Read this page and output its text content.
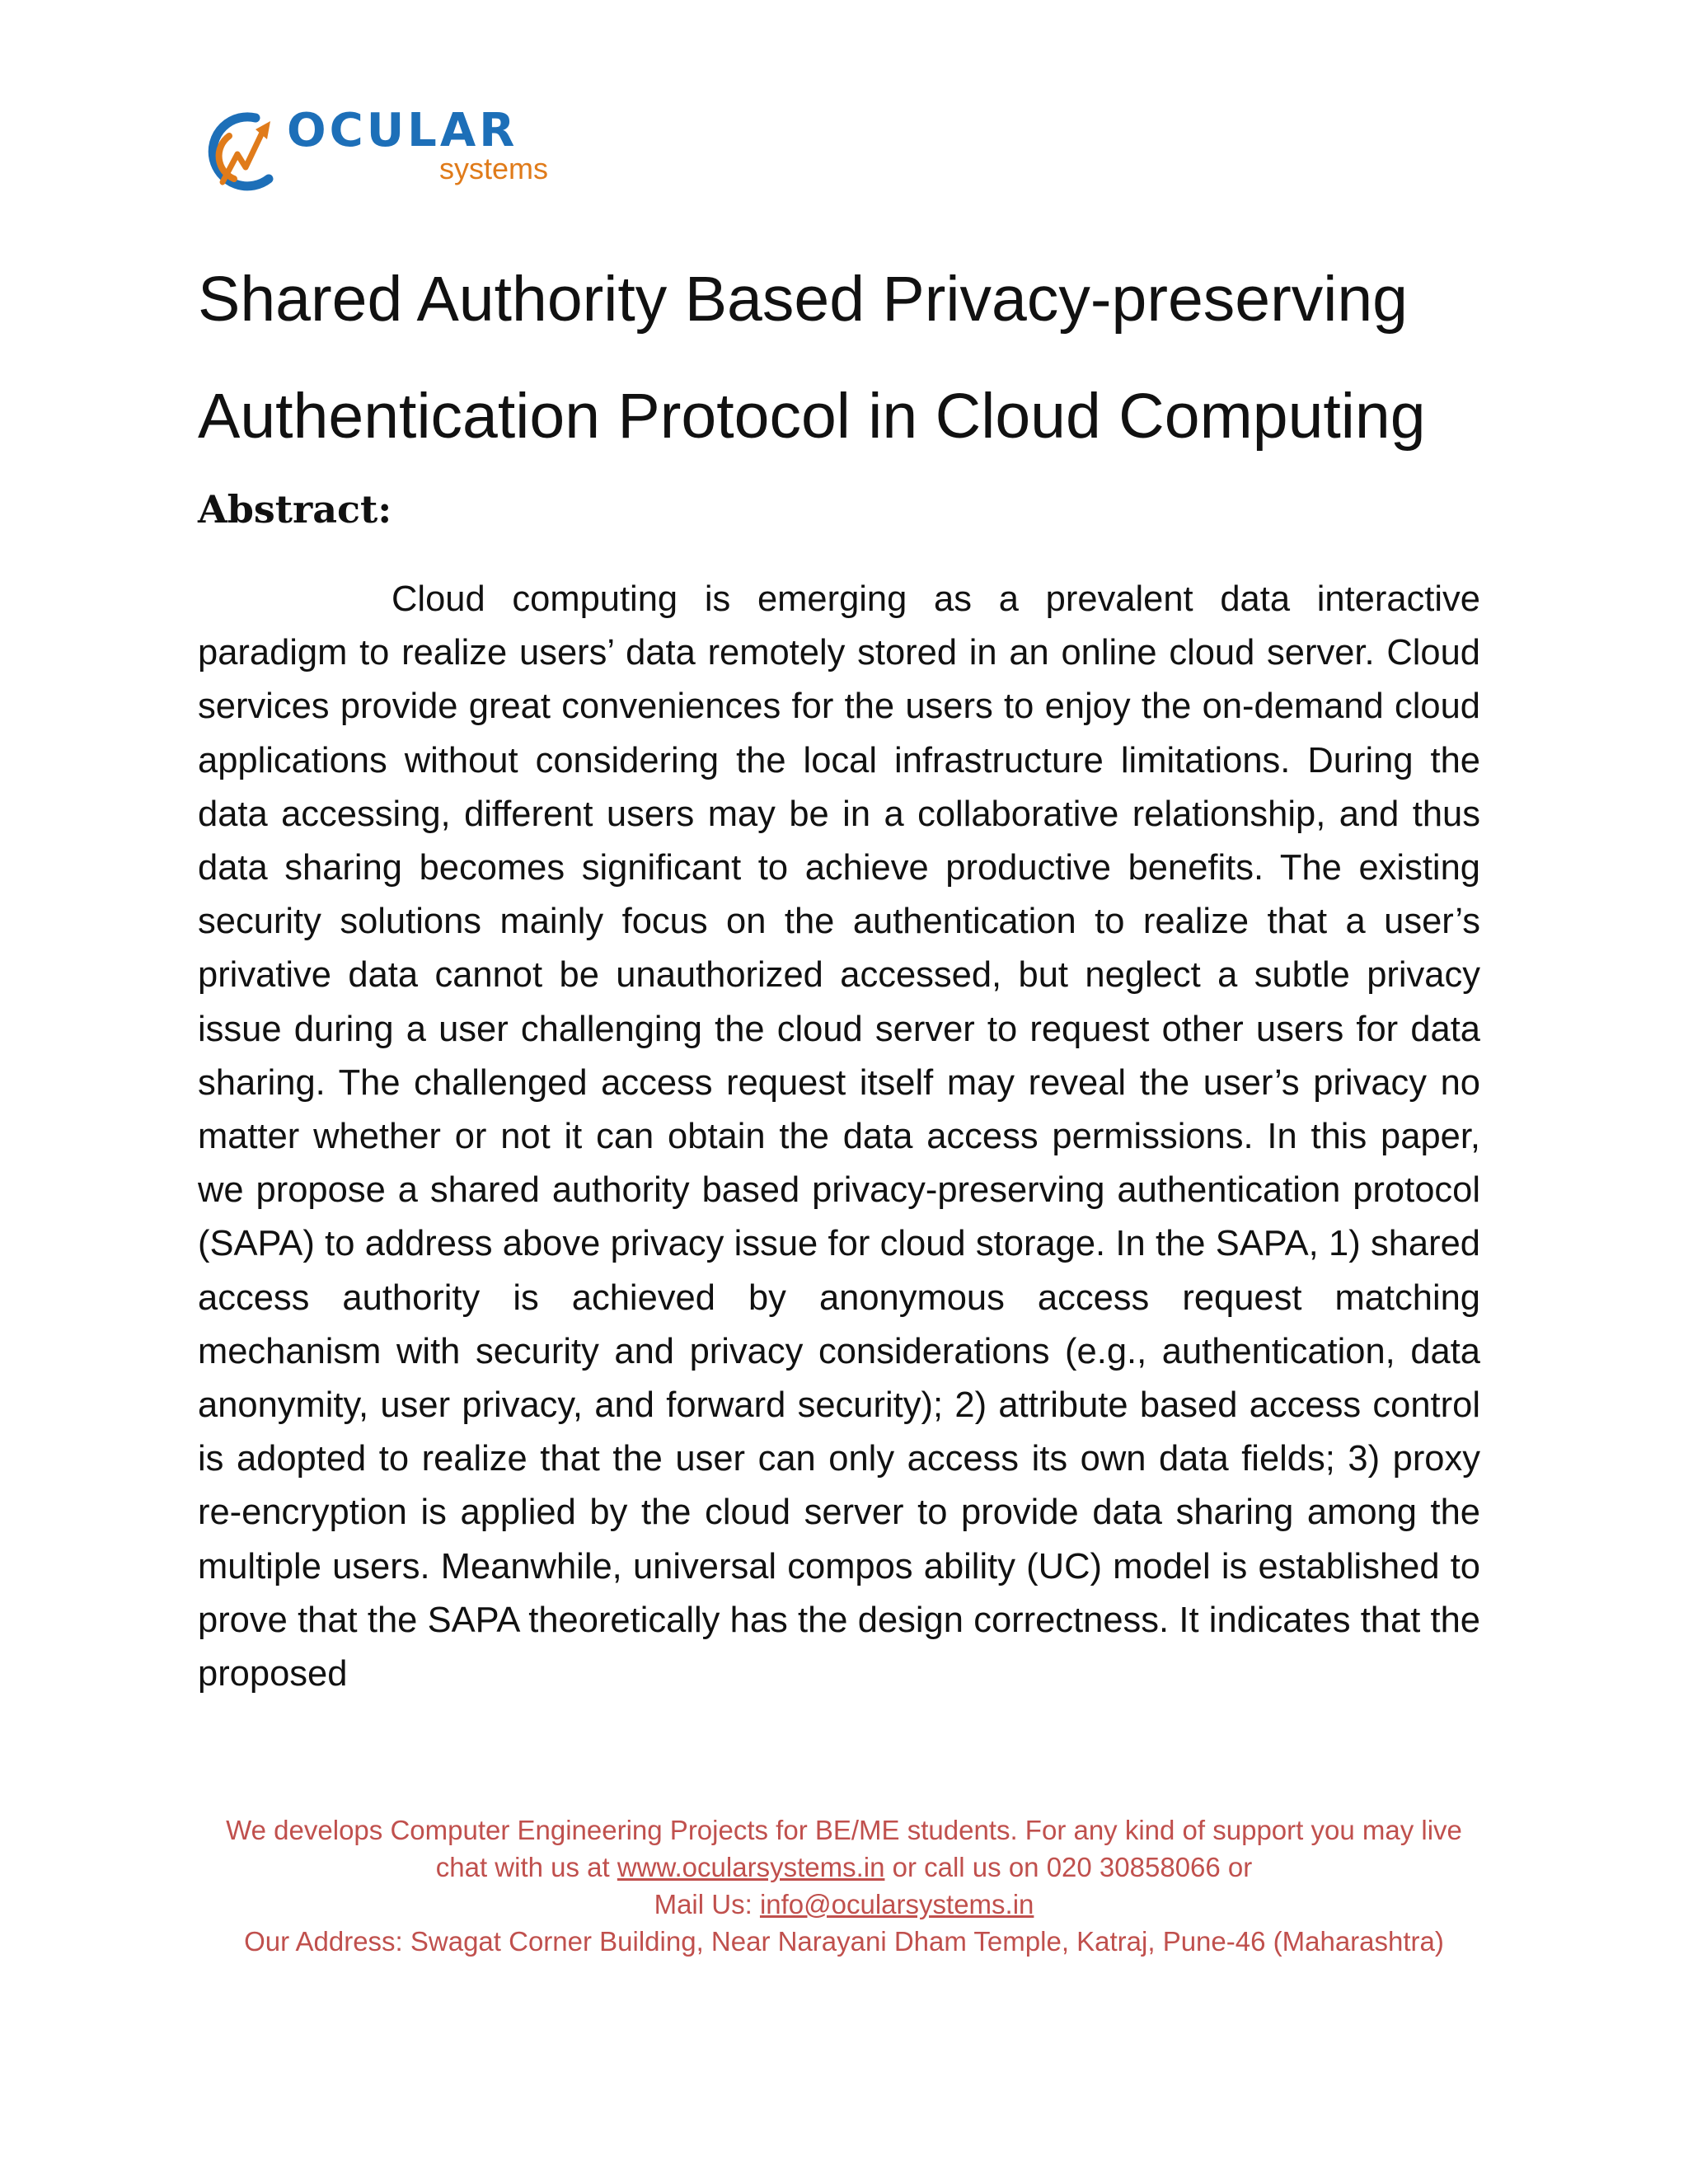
OCULAR
systems
Shared Authority Based Privacy-preserving
Authentication Protocol in Cloud Computing
Abstract:

Cloud computing is emerging as a prevalent data interactive paradigm to realize users’ data remotely stored in an online cloud server. Cloud services provide great conveniences for the users to enjoy the on-demand cloud applications without considering the local infrastructure limitations. During the data accessing, different users may be in a collaborative relationship, and thus data sharing becomes significant to achieve productive benefits. The existing security solutions mainly focus on the authentication to realize that a user’s privative data cannot be unauthorized accessed, but neglect a subtle privacy issue during a user challenging the cloud server to request other users for data sharing. The challenged access request itself may reveal the user’s privacy no matter whether or not it can obtain the data access permissions. In this paper, we propose a shared authority based privacy-preserving authentication protocol (SAPA) to address above privacy issue for cloud storage. In the SAPA, 1) shared access authority is achieved by anonymous access request matching mechanism with security and privacy considerations (e.g., authentication, data anonymity, user privacy, and forward security); 2) attribute based access control is adopted to realize that the user can only access its own data fields; 3) proxy re-encryption is applied by the cloud server to provide data sharing among the multiple users. Meanwhile, universal compos ability (UC) model is established to prove that the SAPA theoretically has the design correctness. It indicates that the proposed

We develops Computer Engineering Projects for BE/ME students. For any kind of support you may live
chat with us at www.ocularsystems.in or call us on 020 30858066 or
Mail Us: info@ocularsystems.in
Our Address: Swagat Corner Building, Near Narayani Dham Temple, Katraj, Pune-46 (Maharashtra)
